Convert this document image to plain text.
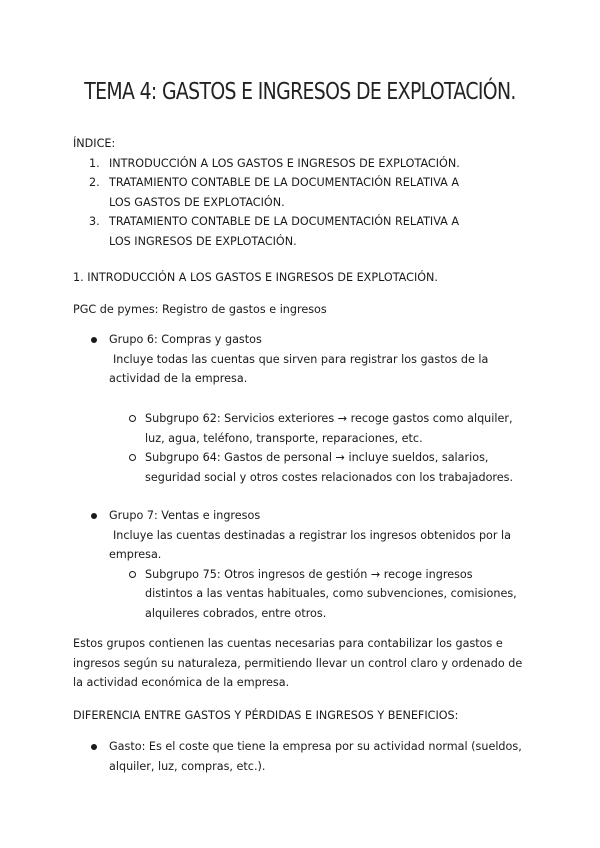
TEMA 4: GASTOS E INGRESOS DE EXPLOTACIÓN.

ÍNDICE:

1. INTRODUCCIÓN A LOS GASTOS E INGRESOS DE EXPLOTACIÓN.
2. TRATAMIENTO CONTABLE DE LA DOCUMENTACIÓN RELATIVA A
LOS GASTOS DE EXPLOTACIÓN.
3. TRATAMIENTO CONTABLE DE LA DOCUMENTACIÓN RELATIVA A
LOS INGRESOS DE EXPLOTACIÓN.
1. INTRODUCCIÓN A LOS GASTOS E INGRESOS DE EXPLOTACIÓN.
PGC de pymes: Registro de gastos e ingresos
Grupo 6: Compras y gastos
Incluye todas las cuentas que sirven para registrar los gastos de la
actividad de la empresa.
Subgrupo 62: Servicios exteriores → recoge gastos como alquiler,
luz, agua, teléfono, transporte, reparaciones, etc.
Subgrupo 64: Gastos de personal → incluye sueldos, salarios,
seguridad social y otros costes relacionados con los trabajadores.
Grupo 7: Ventas e ingresos
Incluye las cuentas destinadas a registrar los ingresos obtenidos por la
empresa.
Subgrupo 75: Otros ingresos de gestión → recoge ingresos
distintos a las ventas habituales, como subvenciones, comisiones,
alquileres cobrados, entre otros.
Estos grupos contienen las cuentas necesarias para contabilizar los gastos e
ingresos según su naturaleza, permitiendo llevar un control claro y ordenado de
la actividad económica de la empresa.
DIFERENCIA ENTRE GASTOS Y PÉRDIDAS E INGRESOS Y BENEFICIOS:
Gasto: Es el coste que tiene la empresa por su actividad normal (sueldos,
alquiler, luz, compras, etc.).
